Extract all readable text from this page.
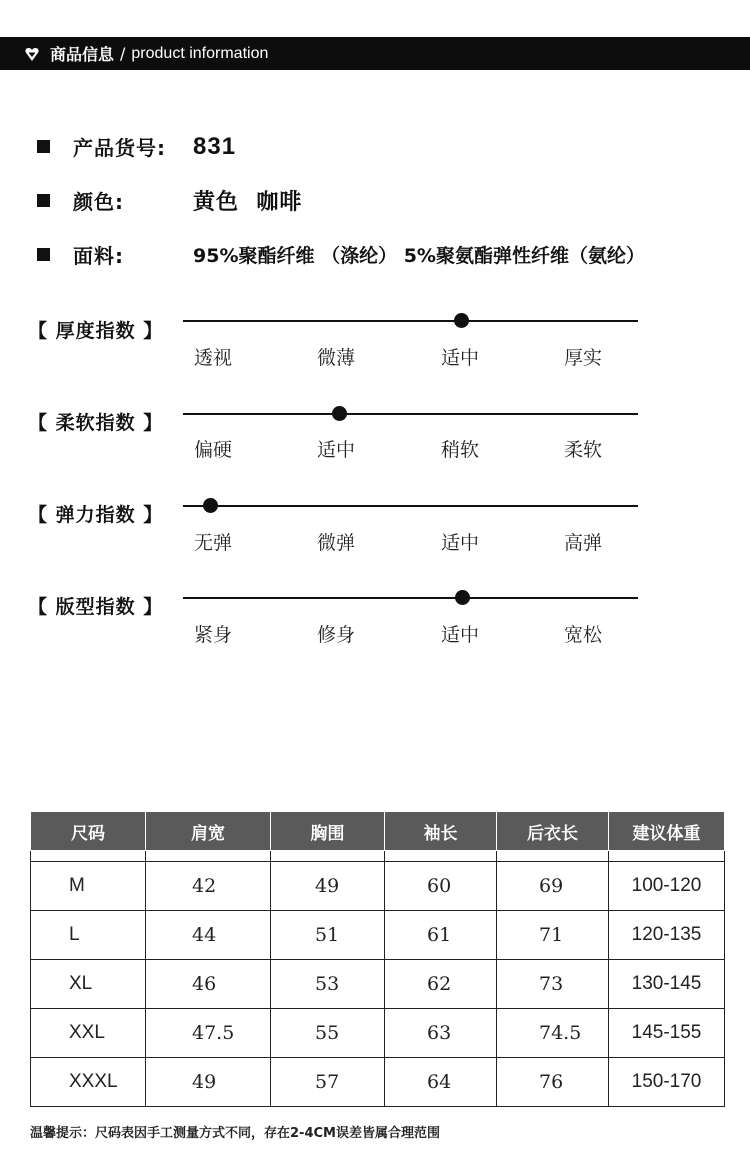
商品信息 / product information
产品货号: 831
颜色:	黄色  咖啡
面料:	95%聚酯纤维 （涤纶） 5%聚氨酯弹性纤维（氨纶）
【 厚度指数 】
透视	微薄	适中	厚实
【 柔软指数 】
偏硬	适中	稍软	柔软
【 弹力指数 】
无弹	微弹	适中	高弹
【 版型指数 】
紧身	修身	适中	宽松
尺码	肩宽	胸围	袖长	后衣长	建议体重

M	42	49	60	69	100-120
L	44	51	61	71	120-135
XL	46	53	62	73	130-145
XXL	47.5	55	63	74.5	145-155
XXXL	49	57	64	76	150-170
温馨提示：尺码表因手工测量方式不同，存在2-4CM误差皆属合理范围
